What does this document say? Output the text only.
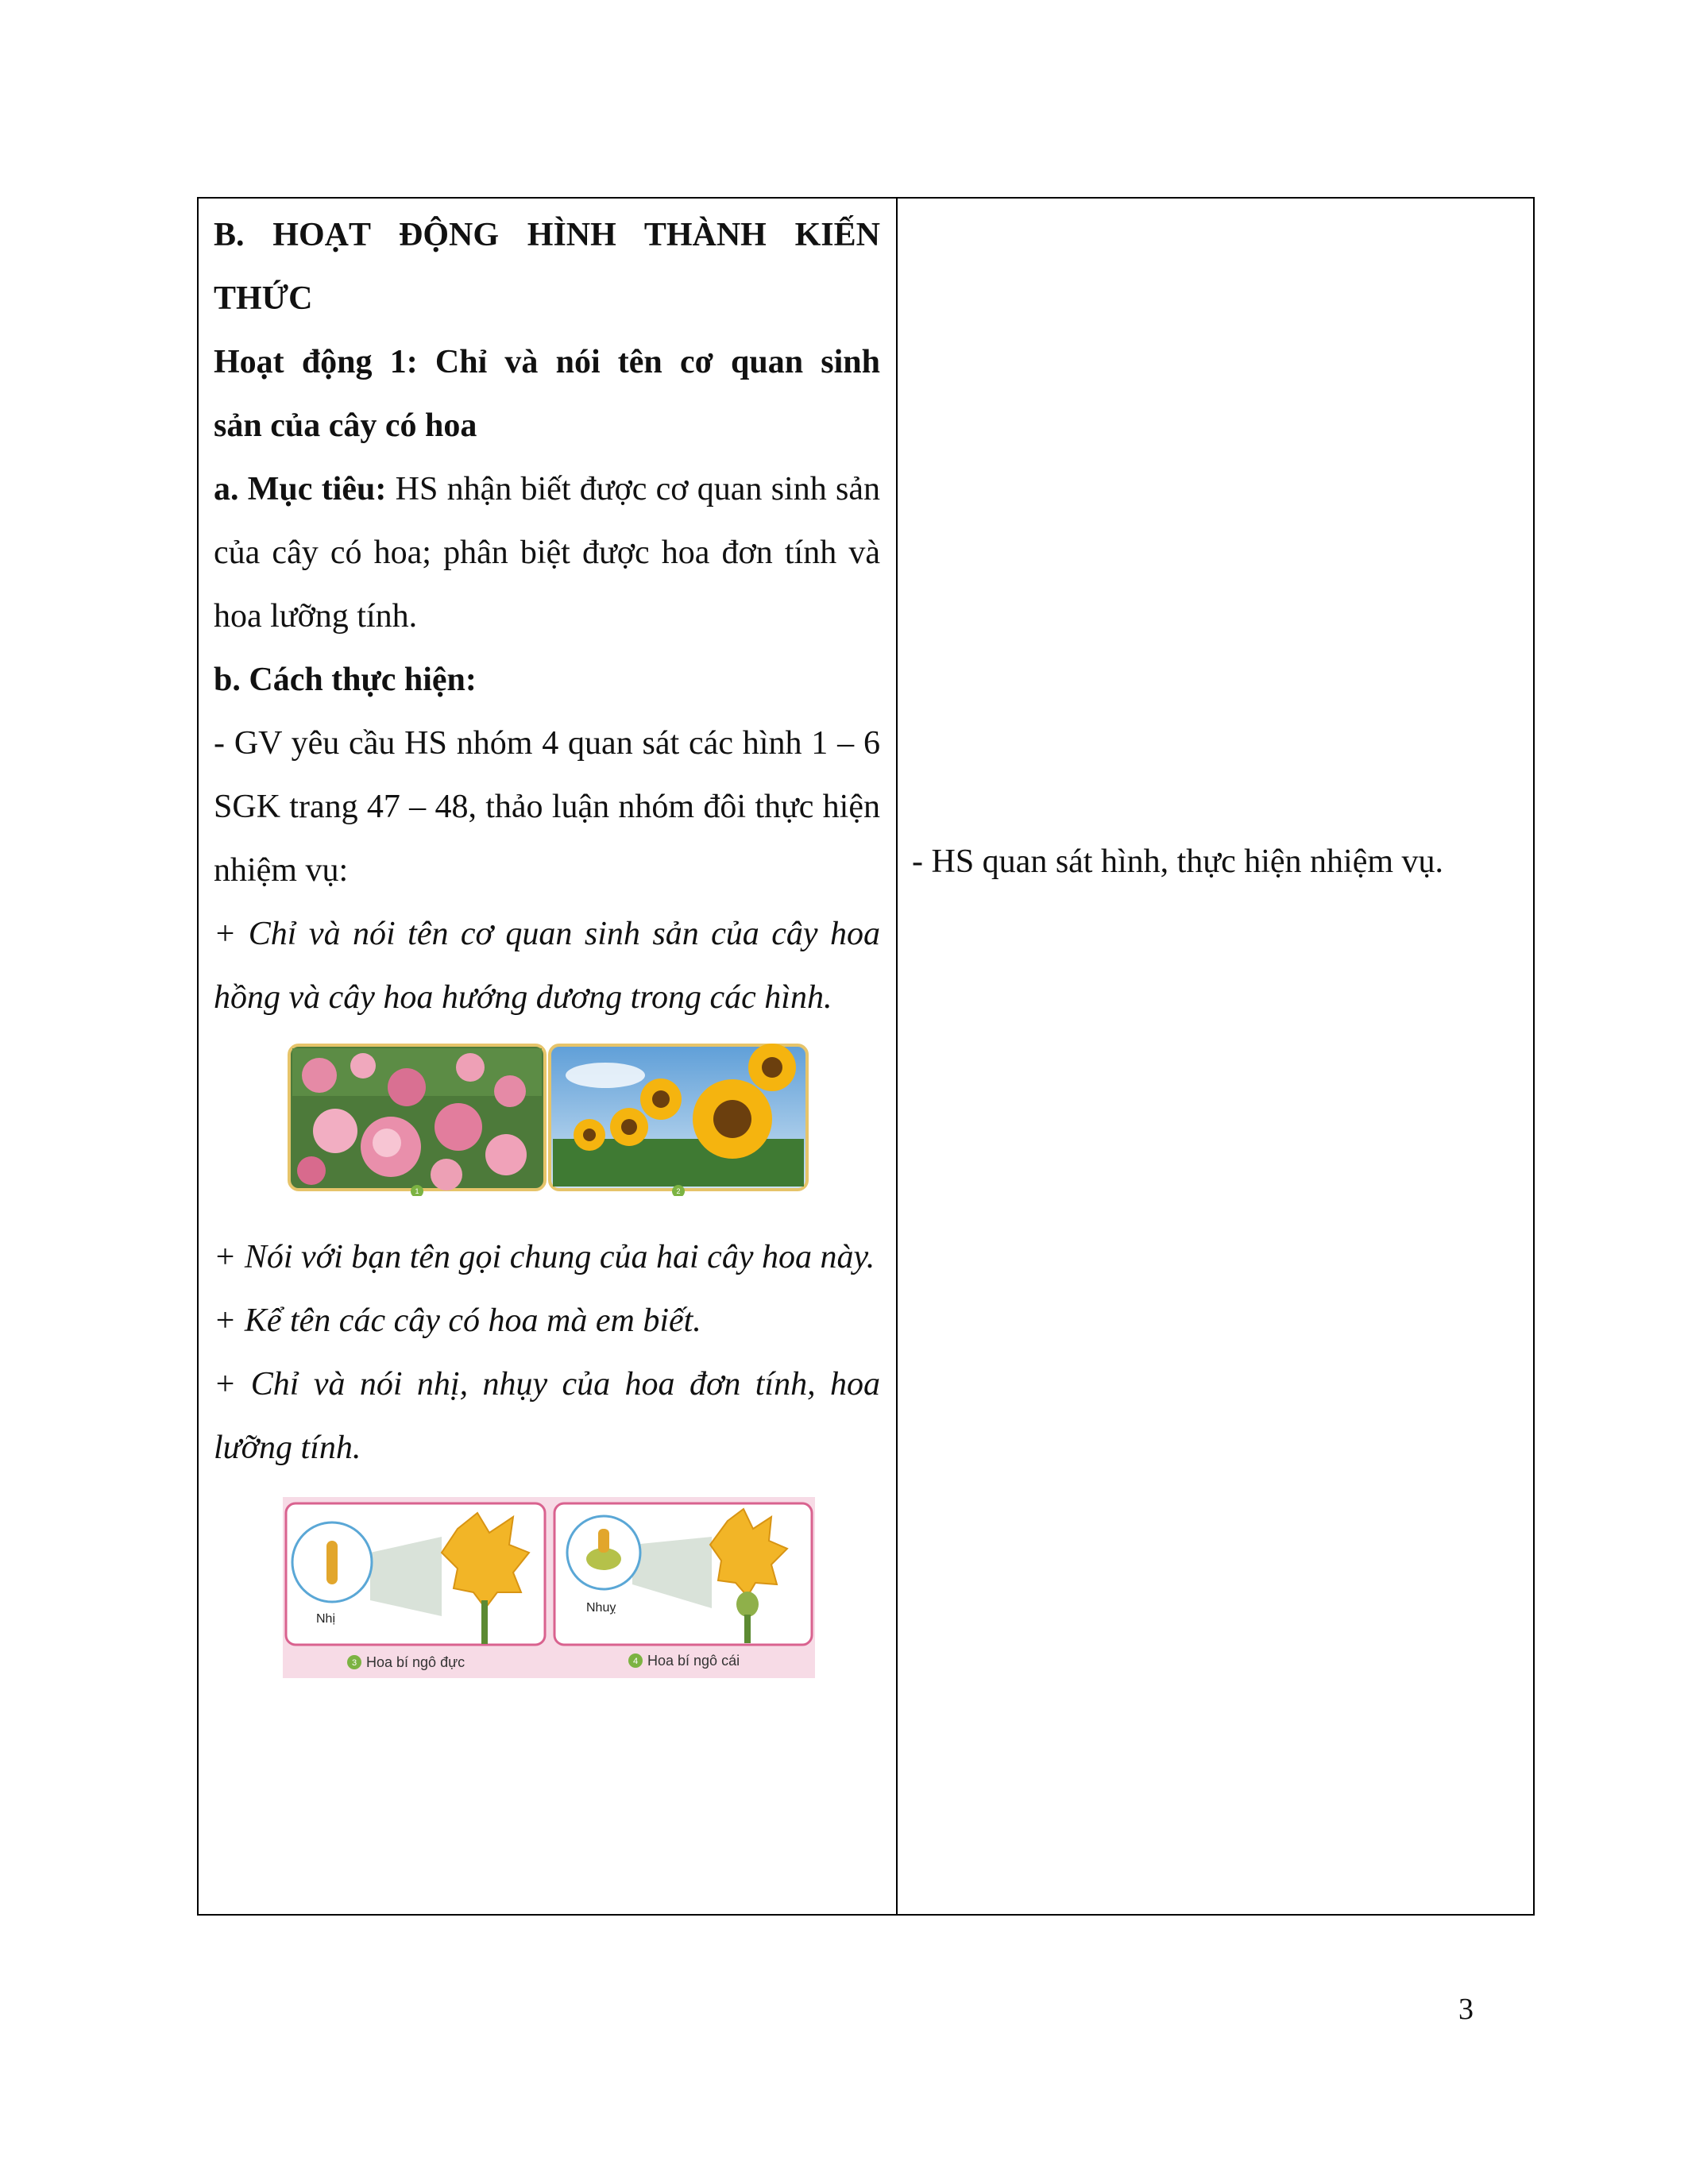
B. HOẠT ĐỘNG HÌNH THÀNH KIẾN

THỨC

Hoạt động 1: Chỉ và nói tên cơ quan sinh

sản của cây có hoa

a. Mục tiêu: HS nhận biết được cơ quan sinh sản của cây có hoa; phân biệt được hoa đơn tính và hoa lưỡng tính.

b. Cách thực hiện:

- GV yêu cầu HS nhóm 4 quan sát các hình 1 – 6 SGK trang 47 – 48, thảo luận nhóm đôi thực hiện nhiệm vụ:

+ Chỉ và nói tên cơ quan sinh sản của cây hoa hồng và cây hoa hướng dương trong các hình.

1	2

+ Nói với bạn tên gọi chung của hai cây hoa này.

+ Kể tên các cây có hoa mà em biết.

+ Chỉ và nói nhị, nhụy của hoa đơn tính, hoa lưỡng tính.

Nhị
Nhuỵ
3 Hoa bí ngô đực	4 Hoa bí ngô cái
- HS quan sát hình, thực hiện nhiệm vụ.
3
